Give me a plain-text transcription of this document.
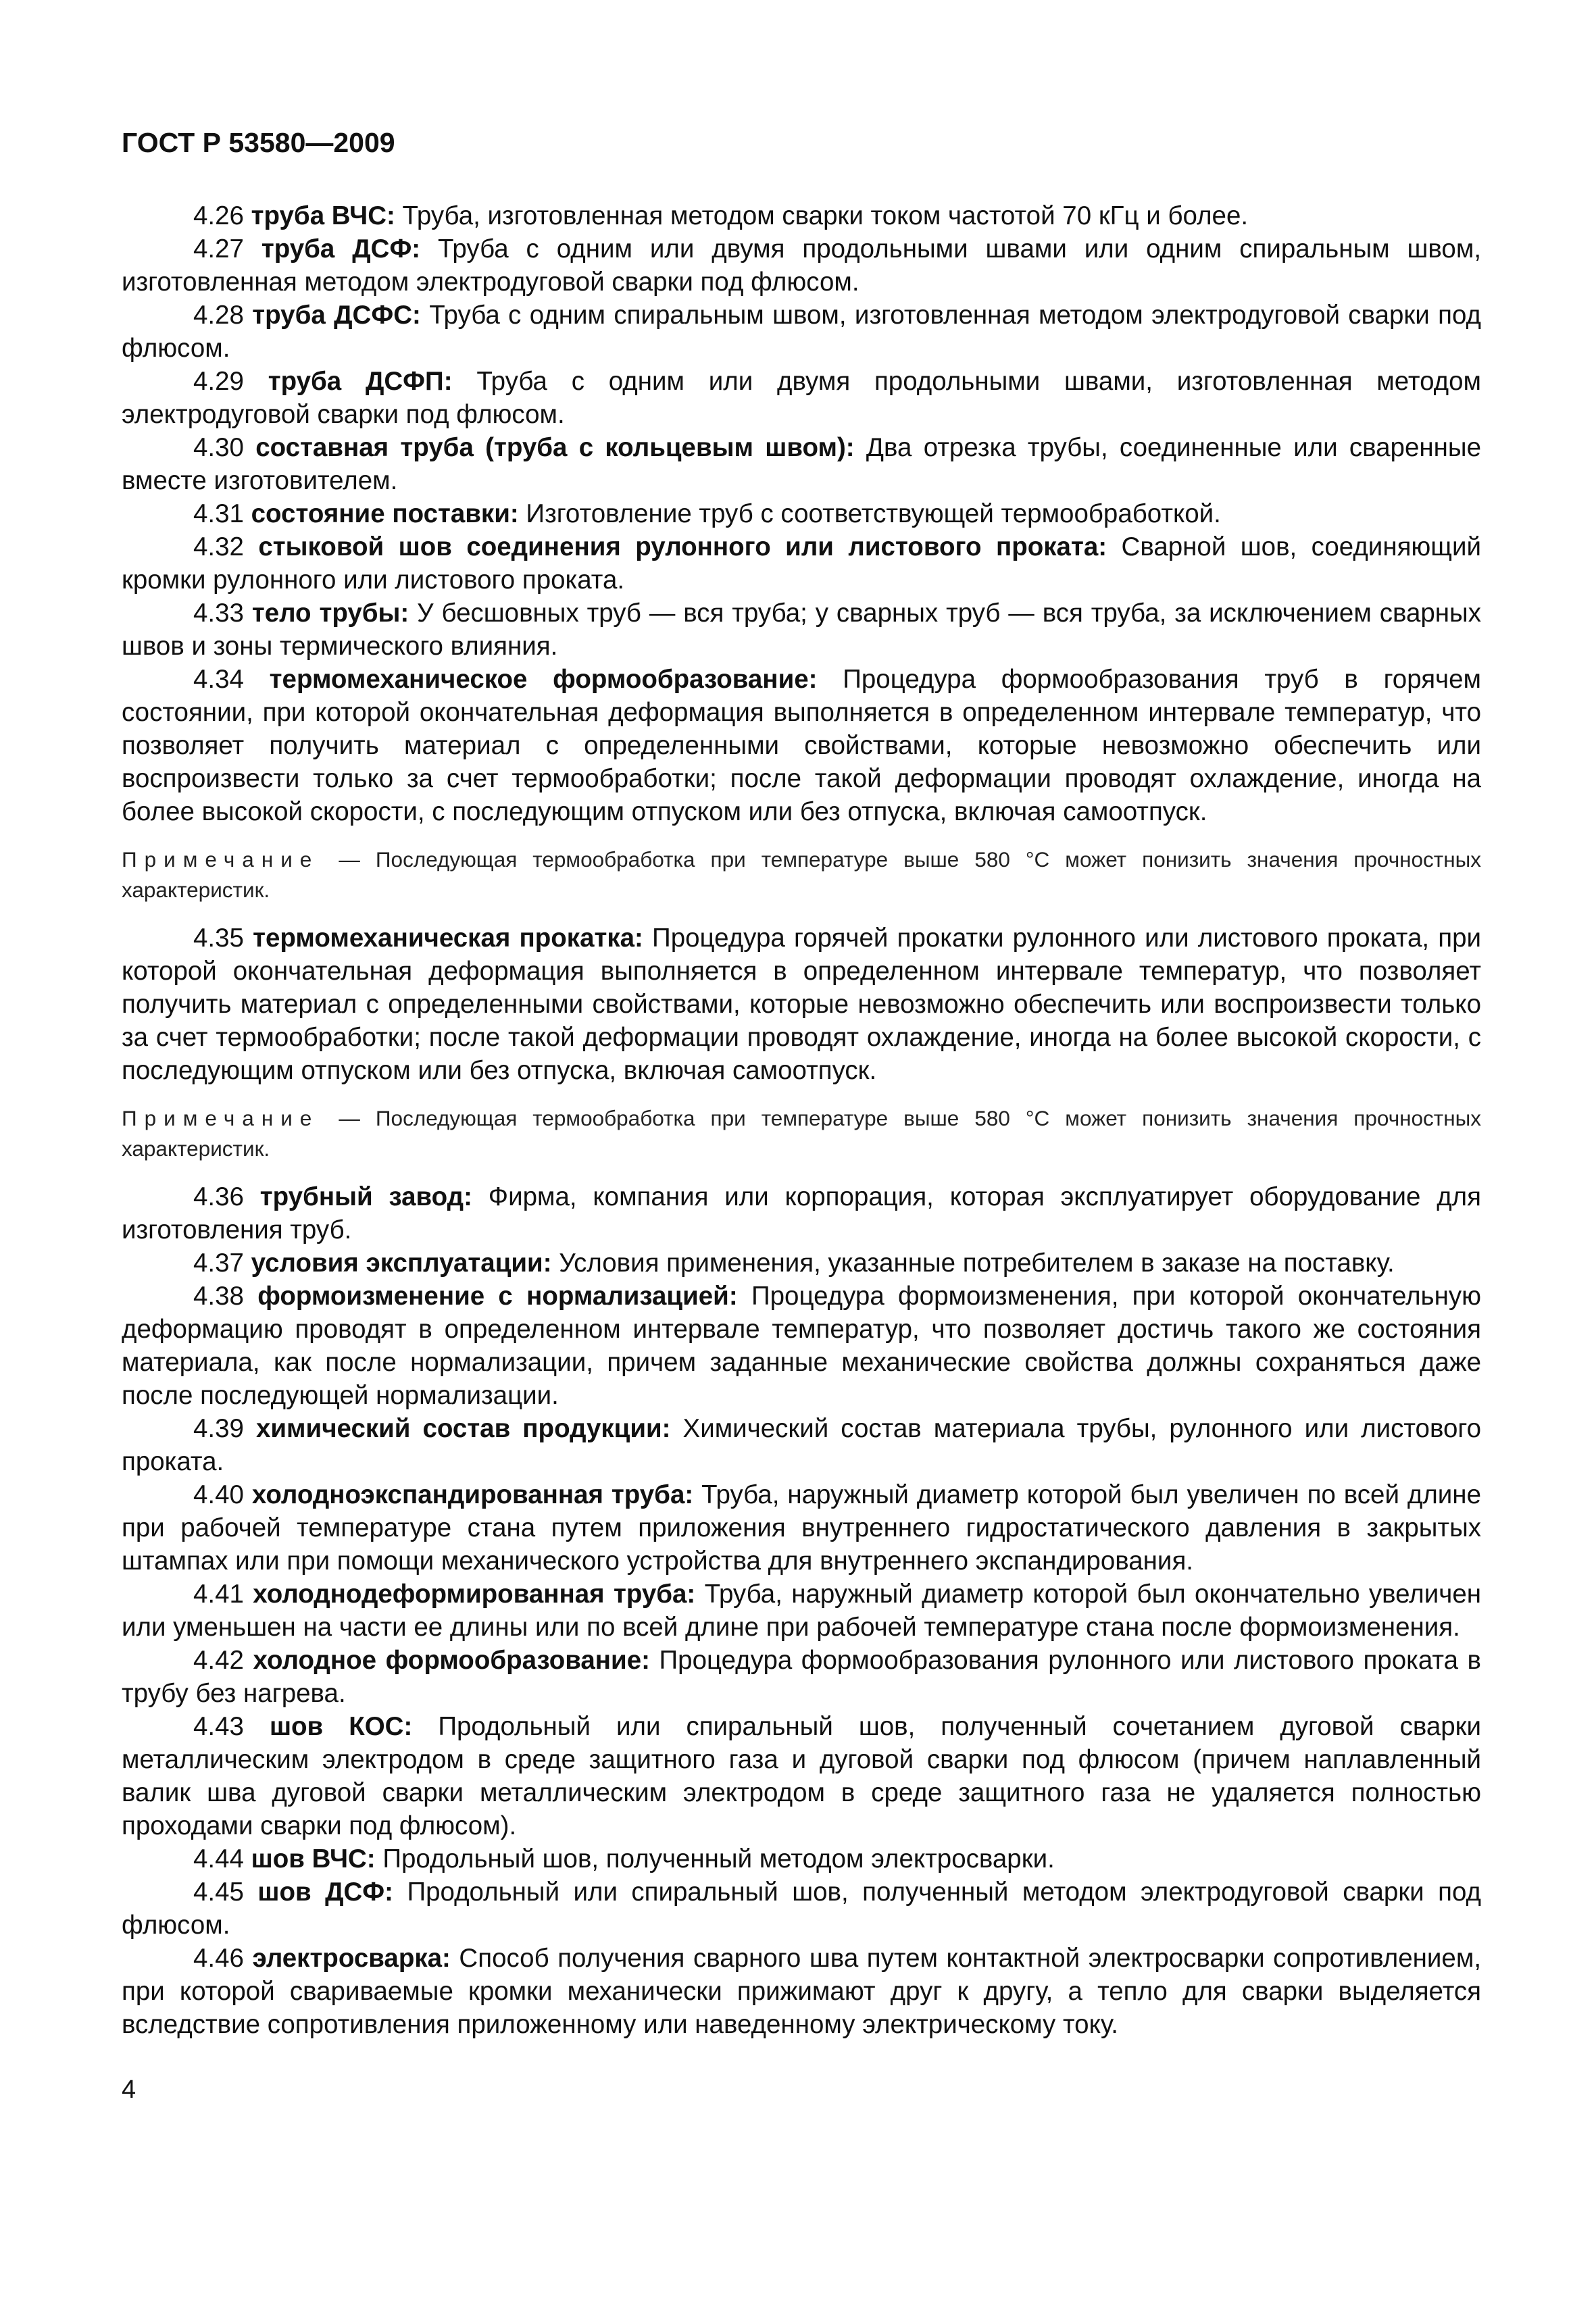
ГОСТ Р 53580—2009

4.26 труба ВЧС: Труба, изготовленная методом сварки током частотой 70 кГц и более.

4.27 труба ДСФ: Труба с одним или двумя продольными швами или одним спиральным швом, изготовленная методом электродуговой сварки под флюсом.

4.28 труба ДСФС: Труба с одним спиральным швом, изготовленная методом электродуговой сварки под флюсом.

4.29 труба ДСФП: Труба с одним или двумя продольными швами, изготовленная методом электродуговой сварки под флюсом.

4.30 составная труба (труба с кольцевым швом): Два отрезка трубы, соединенные или сваренные вместе изготовителем.

4.31 состояние поставки: Изготовление труб с соответствующей термообработкой.

4.32 стыковой шов соединения рулонного или листового проката: Сварной шов, соединяющий кромки рулонного или листового проката.

4.33 тело трубы: У бесшовных труб — вся труба; у сварных труб — вся труба, за исключением сварных швов и зоны термического влияния.

4.34 термомеханическое формообразование: Процедура формообразования труб в горячем состоянии, при которой окончательная деформация выполняется в определенном интервале температур, что позволяет получить материал с определенными свойствами, которые невозможно обеспечить или воспроизвести только за счет термообработки; после такой деформации проводят охлаждение, иногда на более высокой скорости, с последующим отпуском или без отпуска, включая самоотпуск.

Примечание — Последующая термообработка при температуре выше 580 °С может понизить значения прочностных характеристик.

4.35 термомеханическая прокатка: Процедура горячей прокатки рулонного или листового проката, при которой окончательная деформация выполняется в определенном интервале температур, что позволяет получить материал с определенными свойствами, которые невозможно обеспечить или воспроизвести только за счет термообработки; после такой деформации проводят охлаждение, иногда на более высокой скорости, с последующим отпуском или без отпуска, включая самоотпуск.

Примечание — Последующая термообработка при температуре выше 580 °С может понизить значения прочностных характеристик.

4.36 трубный завод: Фирма, компания или корпорация, которая эксплуатирует оборудование для изготовления труб.

4.37 условия эксплуатации: Условия применения, указанные потребителем в заказе на поставку.

4.38 формоизменение с нормализацией: Процедура формоизменения, при которой окончательную деформацию проводят в определенном интервале температур, что позволяет достичь такого же состояния материала, как после нормализации, причем заданные механические свойства должны сохраняться даже после последующей нормализации.

4.39 химический состав продукции: Химический состав материала трубы, рулонного или листового проката.

4.40 холодноэкспандированная труба: Труба, наружный диаметр которой был увеличен по всей длине при рабочей температуре стана путем приложения внутреннего гидростатического давления в закрытых штампах или при помощи механического устройства для внутреннего экспандирования.

4.41 холоднодеформированная труба: Труба, наружный диаметр которой был окончательно увеличен или уменьшен на части ее длины или по всей длине при рабочей температуре стана после формоизменения.

4.42 холодное формообразование: Процедура формообразования рулонного или листового проката в трубу без нагрева.

4.43 шов КОС: Продольный или спиральный шов, полученный сочетанием дуговой сварки металлическим электродом в среде защитного газа и дуговой сварки под флюсом (причем наплавленный валик шва дуговой сварки металлическим электродом в среде защитного газа не удаляется полностью проходами сварки под флюсом).

4.44 шов ВЧС: Продольный шов, полученный методом электросварки.

4.45 шов ДСФ: Продольный или спиральный шов, полученный методом электродуговой сварки под флюсом.

4.46 электросварка: Способ получения сварного шва путем контактной электросварки сопротивлением, при которой свариваемые кромки механически прижимают друг к другу, а тепло для сварки выделяется вследствие сопротивления приложенному или наведенному электрическому току.

4
